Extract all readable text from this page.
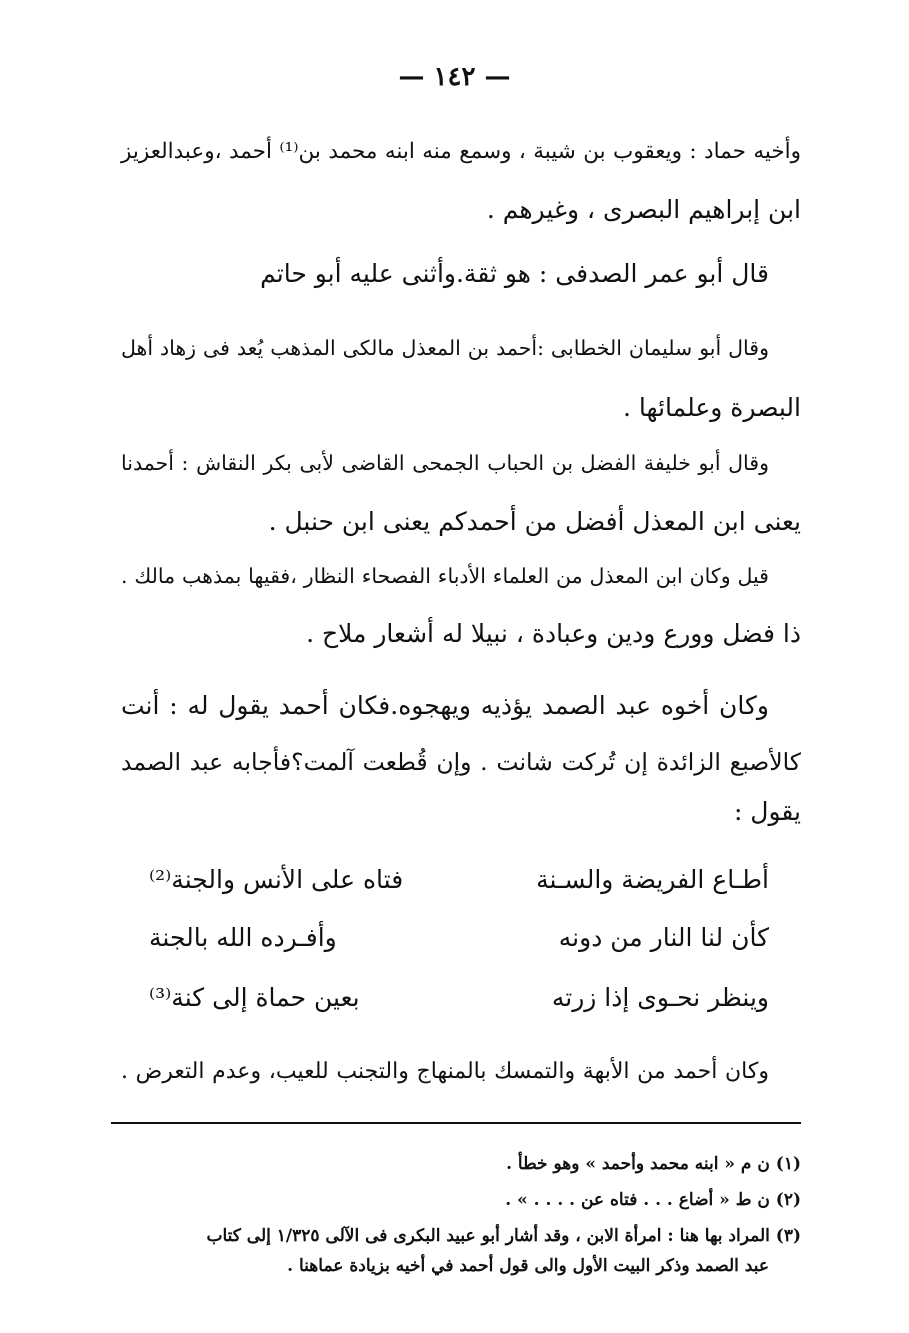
— ١٤٢ —
وأخيه حماد : ويعقوب بن شيبة ، وسمع منه ابنه محمد بن⁽¹⁾ أحمد ،وعبدالعزيز
ابن إبراهيم البصرى ، وغيرهم .
قال أبو عمر الصدفى : هو ثقة.وأثنى عليه أبو حاتم
وقال أبو سليمان الخطابى :أحمد بن المعذل مالكى المذهب يُعد فى زهاد أهل
البصرة وعلمائها .
وقال أبو خليفة الفضل بن الحباب الجمحى القاضى لأبى بكر النقاش : أحمدنا
يعنى ابن المعذل أفضل من أحمدكم يعنى ابن حنبل .
قيل وكان ابن المعذل من العلماء الأدباء الفصحاء النظار ،فقيها بمذهب مالك .
ذا فضل وورع ودين وعبادة ، نبيلا له أشعار ملاح .
وكان أخوه عبد الصمد يؤذيه ويهجوه.فكان أحمد يقول له : أنت
كالأصبع الزائدة إن تُركت شانت . وإن قُطعت آلمت؟فأجابه عبد الصمد
يقول :
أطـاع الفريضة والسـنة
فتاه على الأنس والجنة⁽²⁾
كأن لنا النار من دونه
وأفـرده الله بالجنة
وينظر نحـوى إذا زرته
بعين حماة إلى كنة⁽³⁾
وكان أحمد من الأبهة والتمسك بالمنهاج والتجنب للعيب، وعدم التعرض .
(١) ن م « ابنه محمد وأحمد » وهو خطأ .
(٢) ن ط « أضاع . . . فتاه عن . . . . » .
(٣) المراد بها هنا : امرأة الابن ، وقد أشار أبو عبيد البكرى فى الآلى ١/٣٢٥ إلى كتاب
عبد الصمد وذكر البيت الأول والى قول أحمد في أخيه بزيادة عماهنا .
